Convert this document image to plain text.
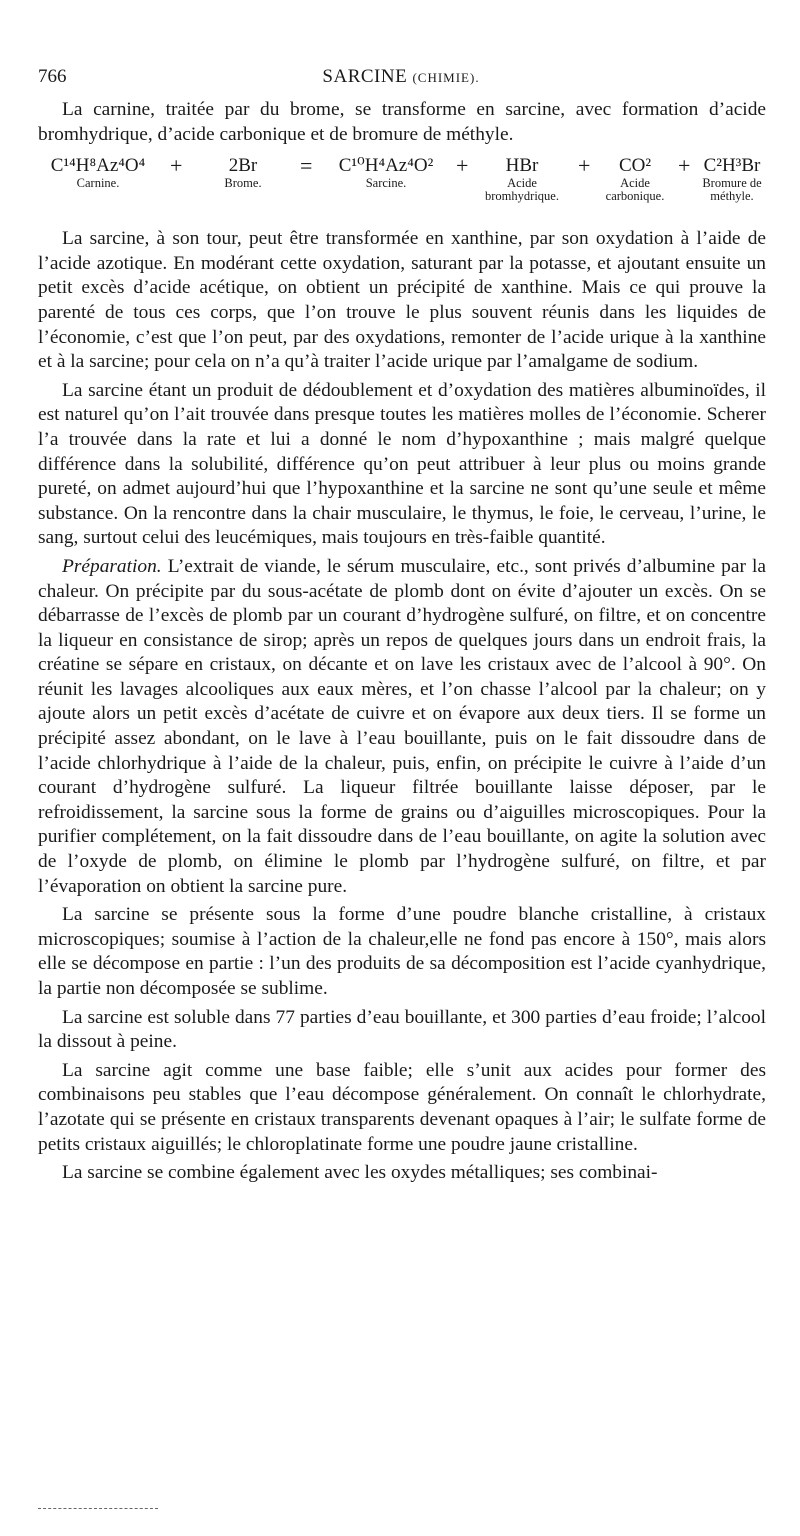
766	SARCINE (CHIMIE).

La carnine, traitée par du brome, se transforme en sarcine, avec formation d’acide bromhydrique, d’acide carbonique et de bromure de méthyle.

C¹⁴H⁸Az⁴O⁴
Carnine.
+	2Br
Brome.
=	C¹⁰H⁴Az⁴O²
Sarcine.
+	HBr
Acide bromhydrique.
+	CO²
Acide carbonique.
+ C²H³Br
Bromure de méthyle.

La sarcine, à son tour, peut être transformée en xanthine, par son oxydation à l’aide de l’acide azotique. En modérant cette oxydation, saturant par la potasse, et ajoutant ensuite un petit excès d’acide acétique, on obtient un précipité de xanthine. Mais ce qui prouve la parenté de tous ces corps, que l’on trouve le plus souvent réunis dans les liquides de l’économie, c’est que l’on peut, par des oxydations, remonter de l’acide urique à la xanthine et à la sarcine; pour cela on n’a qu’à traiter l’acide urique par l’amalgame de sodium.

La sarcine étant un produit de dédoublement et d’oxydation des matières albuminoïdes, il est naturel qu’on l’ait trouvée dans presque toutes les matières molles de l’économie. Scherer l’a trouvée dans la rate et lui a donné le nom d’hypoxanthine ; mais malgré quelque différence dans la solubilité, différence qu’on peut attribuer à leur plus ou moins grande pureté, on admet aujourd’hui que l’hypoxanthine et la sarcine ne sont qu’une seule et même substance. On la rencontre dans la chair musculaire, le thymus, le foie, le cerveau, l’urine, le sang, surtout celui des leucémiques, mais toujours en très-faible quantité.

Préparation. L’extrait de viande, le sérum musculaire, etc., sont privés d’albumine par la chaleur. On précipite par du sous-acétate de plomb dont on évite d’ajouter un excès. On se débarrasse de l’excès de plomb par un courant d’hydrogène sulfuré, on filtre, et on concentre la liqueur en consistance de sirop; après un repos de quelques jours dans un endroit frais, la créatine se sépare en cristaux, on décante et on lave les cristaux avec de l’alcool à 90°. On réunit les lavages alcooliques aux eaux mères, et l’on chasse l’alcool par la chaleur; on y ajoute alors un petit excès d’acétate de cuivre et on évapore aux deux tiers. Il se forme un précipité assez abondant, on le lave à l’eau bouillante, puis on le fait dissoudre dans de l’acide chlorhydrique à l’aide de la chaleur, puis, enfin, on précipite le cuivre à l’aide d’un courant d’hydrogène sulfuré. La liqueur filtrée bouillante laisse déposer, par le refroidissement, la sarcine sous la forme de grains ou d’aiguilles microscopiques. Pour la purifier complétement, on la fait dissoudre dans de l’eau bouillante, on agite la solution avec de l’oxyde de plomb, on élimine le plomb par l’hydrogène sulfuré, on filtre, et par l’évaporation on obtient la sarcine pure.

La sarcine se présente sous la forme d’une poudre blanche cristalline, à cristaux microscopiques; soumise à l’action de la chaleur,elle ne fond pas encore à 150°, mais alors elle se décompose en partie : l’un des produits de sa décomposition est l’acide cyanhydrique, la partie non décomposée se sublime.

La sarcine est soluble dans 77 parties d’eau bouillante, et 300 parties d’eau froide; l’alcool la dissout à peine.

La sarcine agit comme une base faible; elle s’unit aux acides pour former des combinaisons peu stables que l’eau décompose généralement. On connaît le chlorhydrate, l’azotate qui se présente en cristaux transparents devenant opaques à l’air; le sulfate forme de petits cristaux aiguillés; le chloroplatinate forme une poudre jaune cristalline.

La sarcine se combine également avec les oxydes métalliques; ses combinai-
